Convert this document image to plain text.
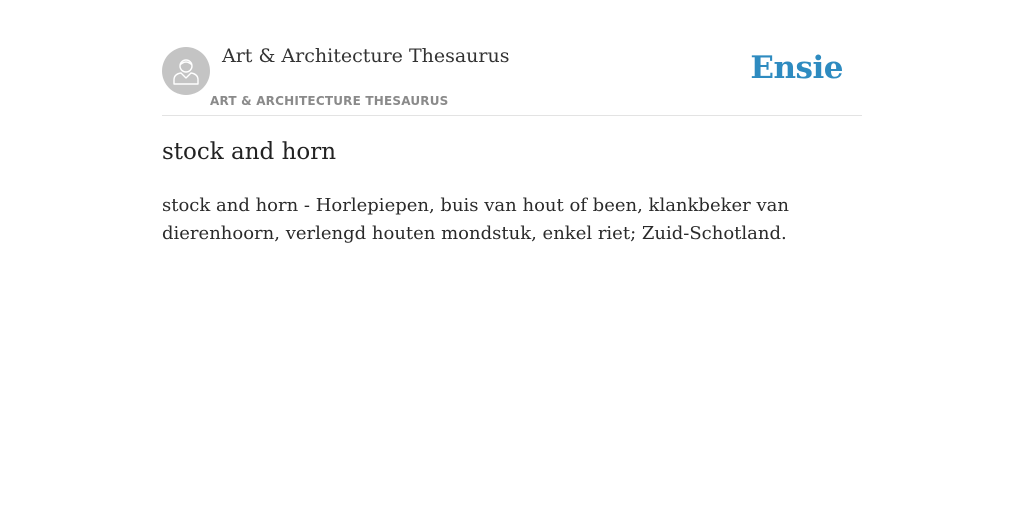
Art & Architecture Thesaurus
ART & ARCHITECTURE THESAURUS
Ensie
stock and horn

stock and horn - Horlepiepen, buis van hout of been, klankbeker van dierenhoorn, verlengd houten mondstuk, enkel riet; Zuid-Schotland.
